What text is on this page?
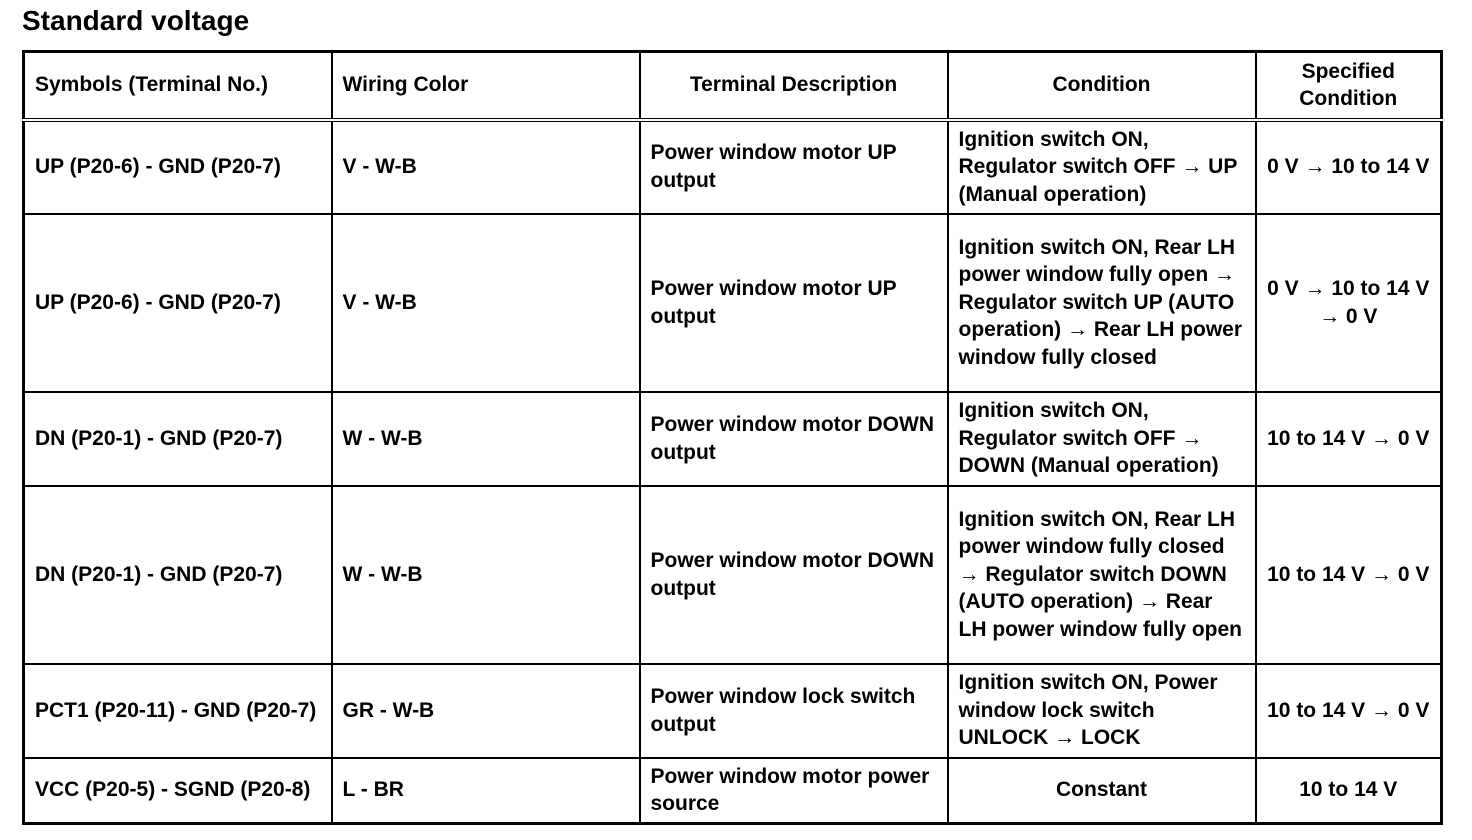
Standard voltage
Symbols (Terminal No.)	Wiring Color	Terminal Description	Condition	Specified Condition
UP (P20-6) - GND (P20-7)	V - W-B	Power window motor UP output	Ignition switch ON, Regulator switch OFF → UP (Manual operation)	0 V → 10 to 14 V
UP (P20-6) - GND (P20-7)	V - W-B	Power window motor UP output	Ignition switch ON, Rear LH power window fully open → Regulator switch UP (AUTO operation) → Rear LH power window fully closed	0 V → 10 to 14 V → 0 V
DN (P20-1) - GND (P20-7)	W - W-B	Power window motor DOWN output	Ignition switch ON, Regulator switch OFF → DOWN (Manual operation)	10 to 14 V → 0 V
DN (P20-1) - GND (P20-7)	W - W-B	Power window motor DOWN output	Ignition switch ON, Rear LH power window fully closed → Regulator switch DOWN (AUTO operation) → Rear LH power window fully open	10 to 14 V → 0 V
PCT1 (P20-11) - GND (P20-7)	GR - W-B	Power window lock switch output	Ignition switch ON, Power window lock switch UNLOCK → LOCK	10 to 14 V → 0 V
VCC (P20-5) - SGND (P20-8)	L - BR	Power window motor power source	Constant	10 to 14 V
